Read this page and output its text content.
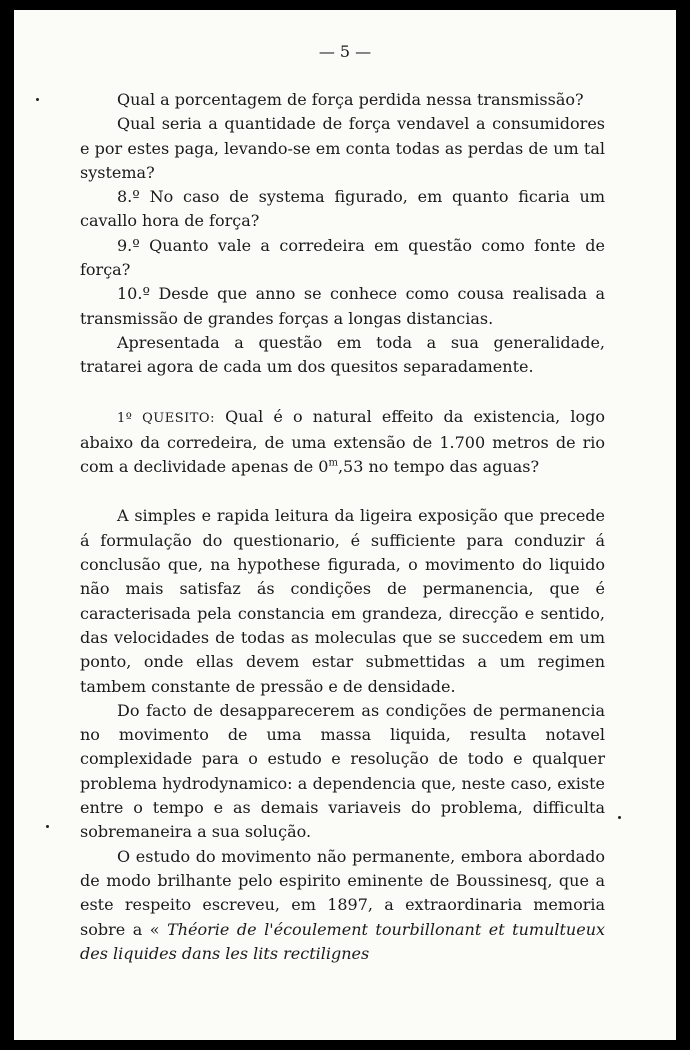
— 5 —

Qual a porcentagem de força perdida nessa transmissão?

Qual seria a quantidade de força vendavel a consumidores e por estes paga, levando-se em conta todas as perdas de um tal systema?

8.º No caso de systema figurado, em quanto ficaria um cavallo hora de força?

9.º Quanto vale a corredeira em questão como fonte de força?

10.º Desde que anno se conhece como cousa realisada a transmissão de grandes forças a longas distancias.

Apresentada a questão em toda a sua generalidade, tratarei agora de cada um dos quesitos separadamente.

1º QUESITO: Qual é o natural effeito da existencia, logo abaixo da corredeira, de uma extensão de 1.700 metros de rio com a declividade apenas de 0$^m$,53 no tempo das aguas?

A simples e rapida leitura da ligeira exposição que precede á formulação do questionario, é sufficiente para conduzir á conclusão que, na hypothese figurada, o movimento do liquido não mais satisfaz ás condições de permanencia, que é caracterisada pela constancia em grandeza, direcção e sentido, das velocidades de todas as moleculas que se succedem em um ponto, onde ellas devem estar submettidas a um regimen tambem constante de pressão e de densidade.

Do facto de desapparecerem as condições de permanencia no movimento de uma massa liquida, resulta notavel complexidade para o estudo e resolução de todo e qualquer problema hydrodynamico: a dependencia que, neste caso, existe entre o tempo e as demais variaveis do problema, difficulta sobremaneira a sua solução.

O estudo do movimento não permanente, embora abordado de modo brilhante pelo espirito eminente de Boussinesq, que a este respeito escreveu, em 1897, a extraordinaria memoria sobre a « Théorie de l'écoulement tourbillonant et tumultueux des liquides dans les lits rectilignes
